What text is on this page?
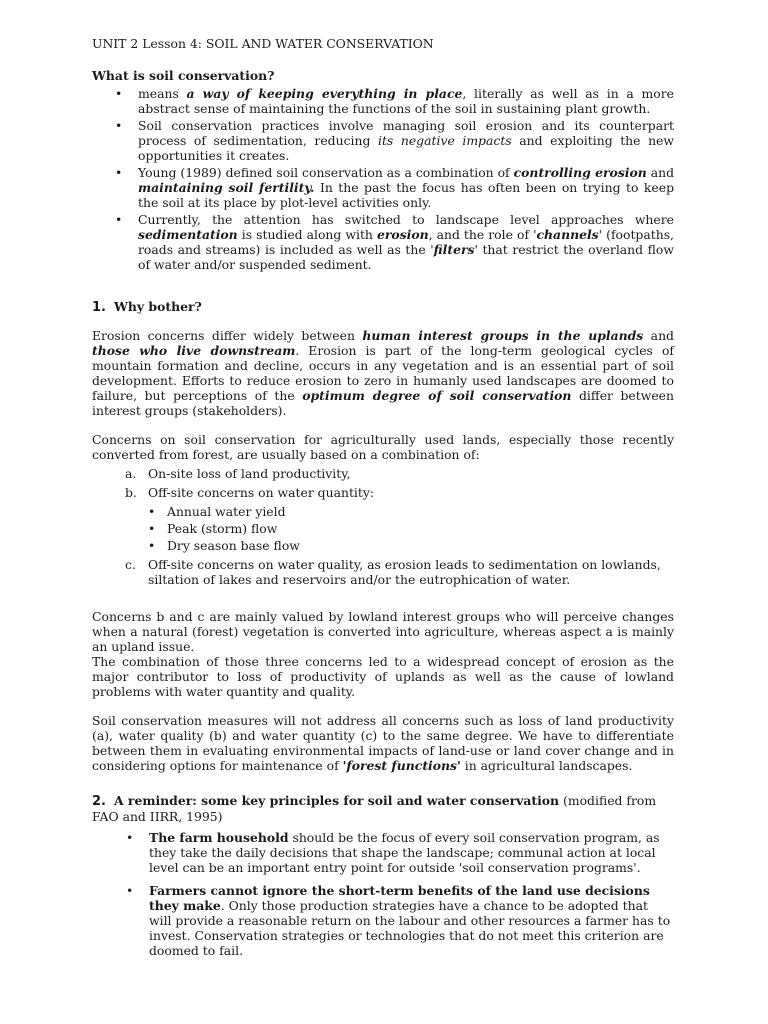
UNIT 2 Lesson 4: SOIL AND WATER CONSERVATION

What is soil conservation?

• means a way of keeping everything in place, literally as well as in a more abstract sense of maintaining the functions of the soil in sustaining plant growth.
• Soil conservation practices involve managing soil erosion and its counterpart process of sedimentation, reducing its negative impacts and exploiting the new opportunities it creates.
• Young (1989) defined soil conservation as a combination of controlling erosion and maintaining soil fertility. In the past the focus has often been on trying to keep the soil at its place by plot-level activities only.
• Currently, the attention has switched to landscape level approaches where sedimentation is studied along with erosion, and the role of 'channels' (footpaths, roads and streams) is included as well as the 'filters' that restrict the overland flow of water and/or suspended sediment.

1. Why bother?

Erosion concerns differ widely between human interest groups in the uplands and those who live downstream. Erosion is part of the long-term geological cycles of mountain formation and decline, occurs in any vegetation and is an essential part of soil development. Efforts to reduce erosion to zero in humanly used landscapes are doomed to failure, but perceptions of the optimum degree of soil conservation differ between interest groups (stakeholders).

Concerns on soil conservation for agriculturally used lands, especially those recently converted from forest, are usually based on a combination of:

a. On-site loss of land productivity,
b. Off-site concerns on water quantity:
• Annual water yield
• Peak (storm) flow
• Dry season base flow
c. Off-site concerns on water quality, as erosion leads to sedimentation on lowlands, siltation of lakes and reservoirs and/or the eutrophication of water.

Concerns b and c are mainly valued by lowland interest groups who will perceive changes when a natural (forest) vegetation is converted into agriculture, whereas aspect a is mainly an upland issue.

The combination of those three concerns led to a widespread concept of erosion as the major contributor to loss of productivity of uplands as well as the cause of lowland problems with water quantity and quality.

Soil conservation measures will not address all concerns such as loss of land productivity (a), water quality (b) and water quantity (c) to the same degree. We have to differentiate between them in evaluating environmental impacts of land-use or land cover change and in considering options for maintenance of 'forest functions' in agricultural landscapes.

2. A reminder: some key principles for soil and water conservation (modified from FAO and IIRR, 1995)

• The farm household should be the focus of every soil conservation program, as they take the daily decisions that shape the landscape; communal action at local level can be an important entry point for outside 'soil conservation programs'.
• Farmers cannot ignore the short-term benefits of the land use decisions they make. Only those production strategies have a chance to be adopted that will provide a reasonable return on the labour and other resources a farmer has to invest. Conservation strategies or technologies that do not meet this criterion are doomed to fail.
